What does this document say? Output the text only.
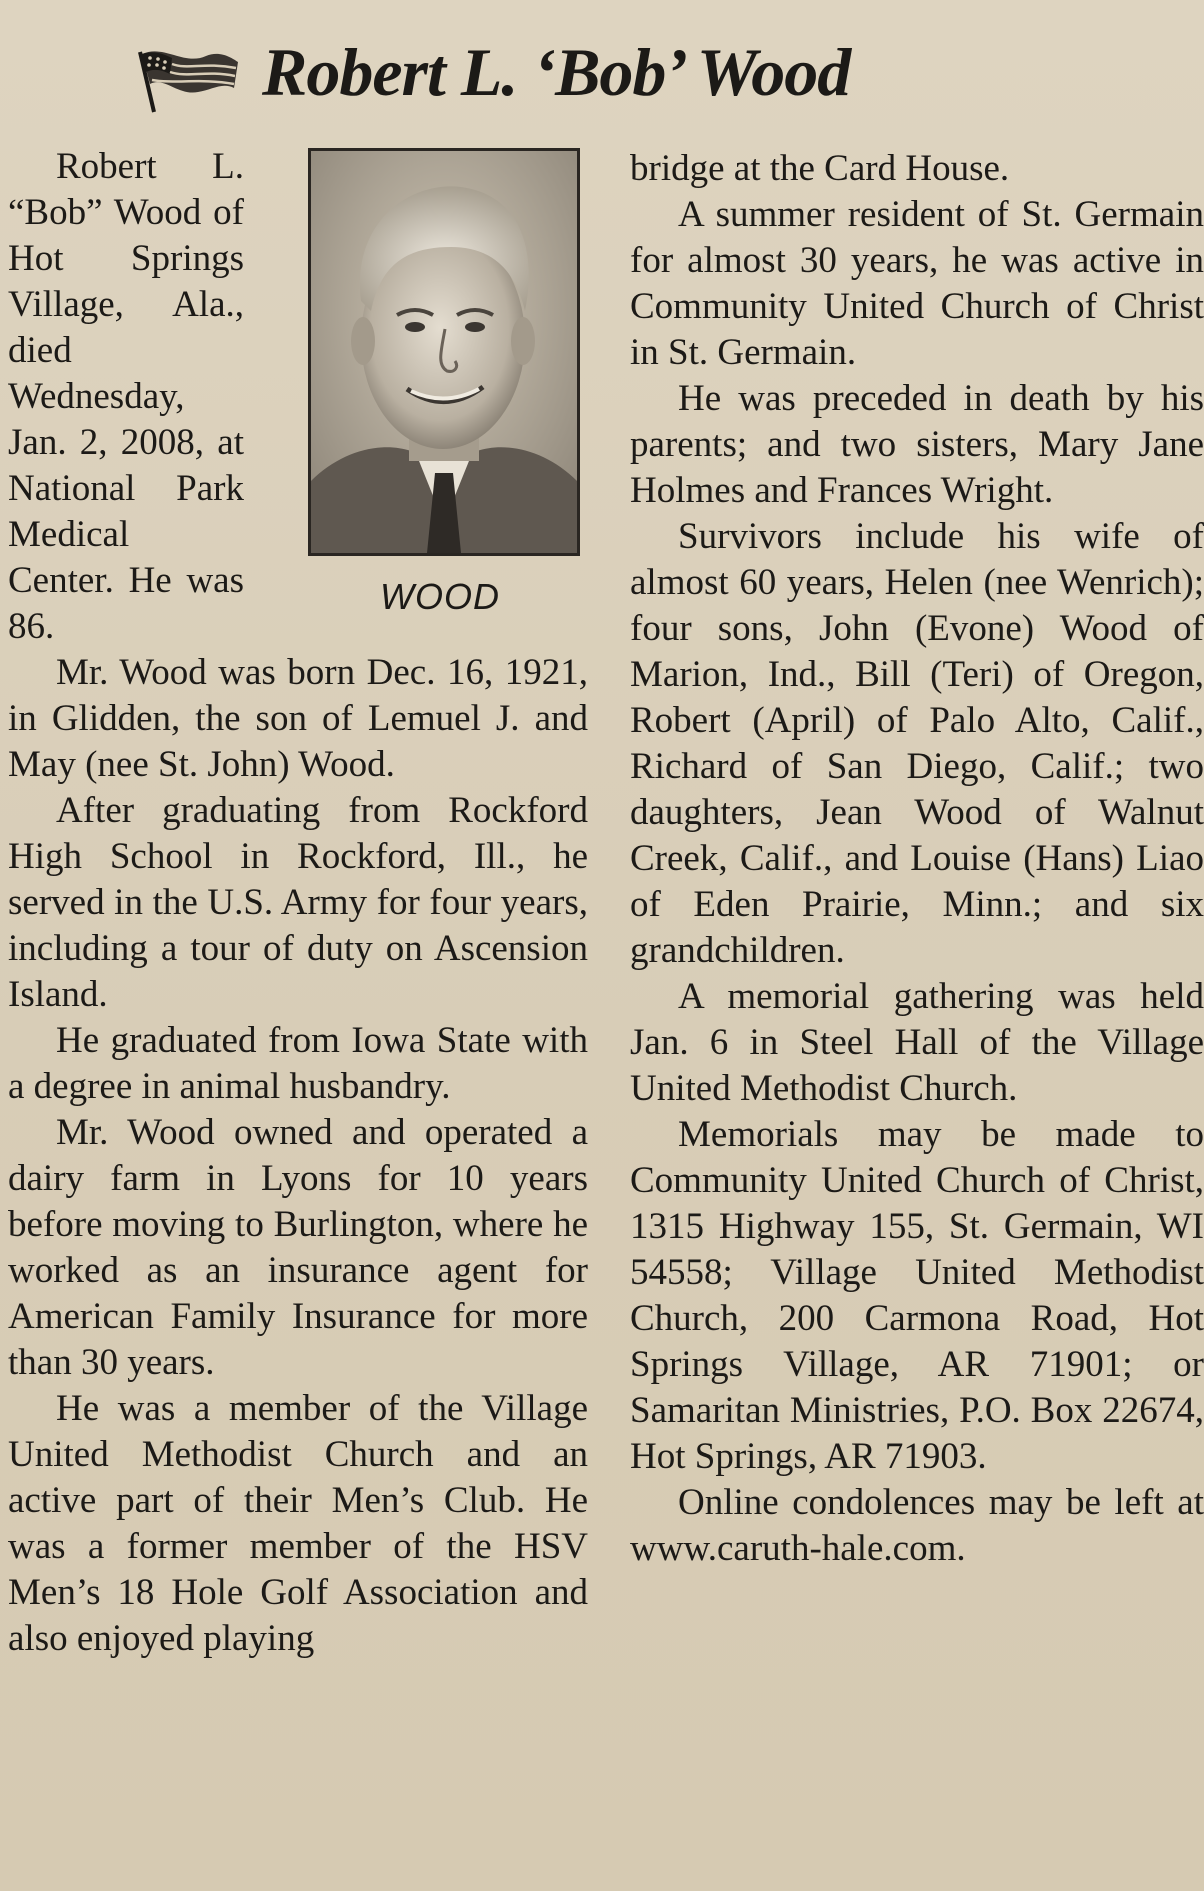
Robert L. ‘Bob’ Wood
WOOD

Robert L. “Bob” Wood of Hot Springs Village, Ala., died Wednesday, Jan. 2, 2008, at National Park Medical Center. He was 86.

Mr. Wood was born Dec. 16, 1921, in Glidden, the son of Lemuel J. and May (nee St. John) Wood.

After graduating from Rockford High School in Rockford, Ill., he served in the U.S. Army for four years, including a tour of duty on Ascension Island.

He graduated from Iowa State with a degree in animal husbandry.

Mr. Wood owned and operated a dairy farm in Lyons for 10 years before moving to Burlington, where he worked as an insurance agent for American Family Insurance for more than 30 years.

He was a member of the Village United Methodist Church and an active part of their Men’s Club. He was a former member of the HSV Men’s 18 Hole Golf Association and also enjoyed playing

bridge at the Card House.

A summer resident of St. Germain for almost 30 years, he was active in Community United Church of Christ in St. Germain.

He was preceded in death by his parents; and two sisters, Mary Jane Holmes and Frances Wright.

Survivors include his wife of almost 60 years, Helen (nee Wenrich); four sons, John (Evone) Wood of Marion, Ind., Bill (Teri) of Oregon, Robert (April) of Palo Alto, Calif., Richard of San Diego, Calif.; two daughters, Jean Wood of Walnut Creek, Calif., and Louise (Hans) Liao of Eden Prairie, Minn.; and six grandchildren.

A memorial gathering was held Jan. 6 in Steel Hall of the Village United Methodist Church.

Memorials may be made to Community United Church of Christ, 1315 Highway 155, St. Germain, WI 54558; Village United Methodist Church, 200 Carmona Road, Hot Springs Village, AR 71901; or Samaritan Ministries, P.O. Box 22674, Hot Springs, AR 71903.

Online condolences may be left at www.caruth-hale.com.
